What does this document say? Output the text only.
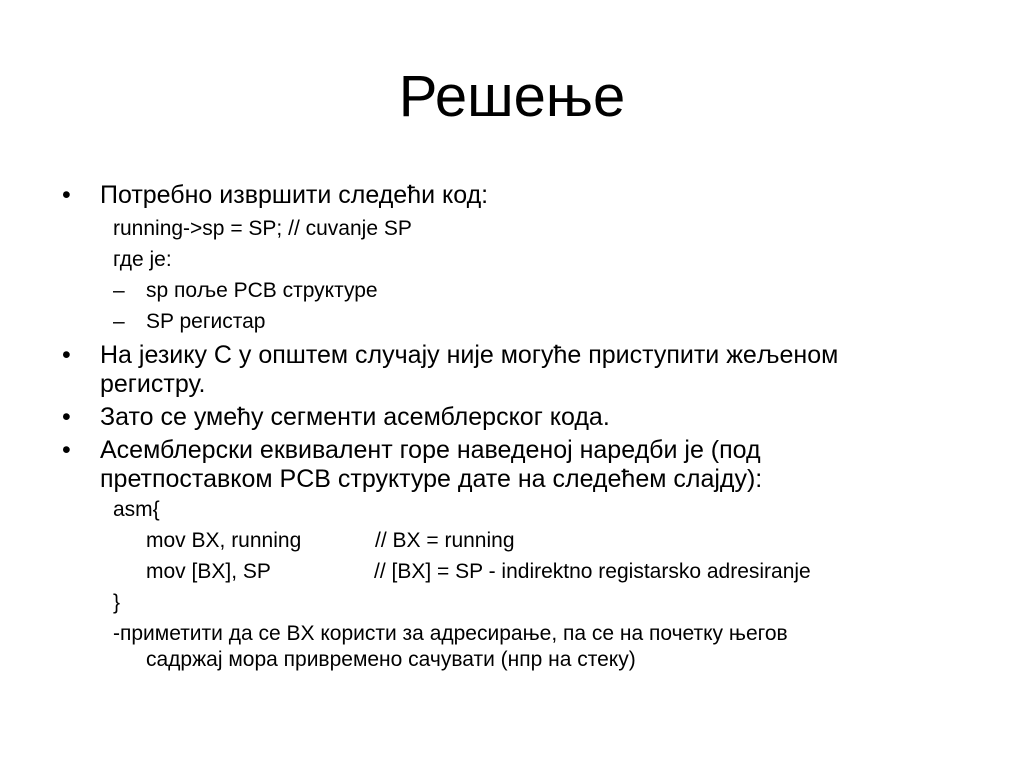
Решење
• Потребно извршити следећи код:
running->sp = SP; // cuvanje SP
где је:
– sp поље PCB структуре
– SP регистар
• На језику C у општем случају није могуће приступити жељеном
регистру.
• Зато се умећу сегменти асемблерског кода.
• Асемблерски еквивалент горе наведеној наредби је (под
претпоставком PCB структуре дате на следећем слајду):
asm{
mov BX, running	// BX = running
mov [BX], SP	// [BX] = SP - indirektno registarsko adresiranje
}
-приметити да се BX користи за адресирање, па се на почетку његов
садржај мора привремено сачувати (нпр на стеку)
